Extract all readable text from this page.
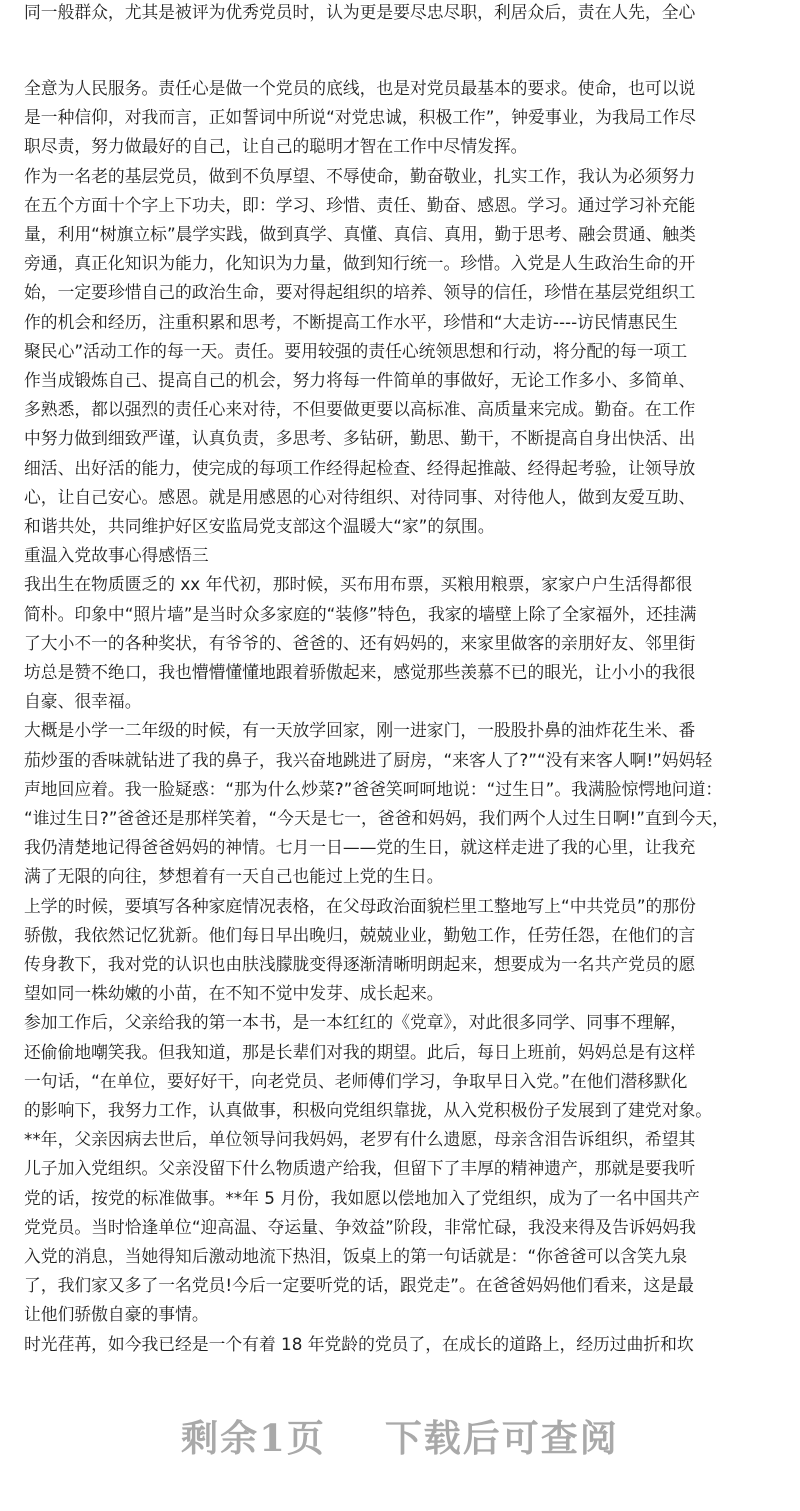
同一般群众，尤其是被评为优秀党员时，认为更是要尽忠尽职，利居众后，责在人先，全心
全意为人民服务。责任心是做一个党员的底线，也是对党员最基本的要求。使命，也可以说
是一种信仰，对我而言，正如誓词中所说“对党忠诚，积极工作”，钟爱事业，为我局工作尽
职尽责，努力做最好的自己，让自己的聪明才智在工作中尽情发挥。
作为一名老的基层党员，做到不负厚望、不辱使命，勤奋敬业，扎实工作，我认为必须努力
在五个方面十个字上下功夫，即：学习、珍惜、责任、勤奋、感恩。学习。通过学习补充能
量，利用“树旗立标”晨学实践，做到真学、真懂、真信、真用，勤于思考、融会贯通、触类
旁通，真正化知识为能力，化知识为力量，做到知行统一。珍惜。入党是人生政治生命的开
始，一定要珍惜自己的政治生命，要对得起组织的培养、领导的信任，珍惜在基层党组织工
作的机会和经历，注重积累和思考，不断提高工作水平，珍惜和“大走访----访民情惠民生
聚民心”活动工作的每一天。责任。要用较强的责任心统领思想和行动，将分配的每一项工
作当成锻炼自己、提高自己的机会，努力将每一件简单的事做好，无论工作多小、多简单、
多熟悉，都以强烈的责任心来对待，不但要做更要以高标准、高质量来完成。勤奋。在工作
中努力做到细致严谨，认真负责，多思考、多钻研，勤思、勤干，不断提高自身出快活、出
细活、出好活的能力，使完成的每项工作经得起检查、经得起推敲、经得起考验，让领导放
心，让自己安心。感恩。就是用感恩的心对待组织、对待同事、对待他人，做到友爱互助、
和谐共处，共同维护好区安监局党支部这个温暖大“家”的氛围。
重温入党故事心得感悟三
我出生在物质匮乏的 xx 年代初，那时候，买布用布票，买粮用粮票，家家户户生活得都很
简朴。印象中“照片墙”是当时众多家庭的“装修”特色，我家的墙壁上除了全家福外，还挂满
了大小不一的各种奖状，有爷爷的、爸爸的、还有妈妈的，来家里做客的亲朋好友、邻里街
坊总是赞不绝口，我也懵懵懂懂地跟着骄傲起来，感觉那些羡慕不已的眼光，让小小的我很
自豪、很幸福。
大概是小学一二年级的时候，有一天放学回家，刚一进家门，一股股扑鼻的油炸花生米、番
茄炒蛋的香味就钻进了我的鼻子，我兴奋地跳进了厨房，“来客人了?”“没有来客人啊!”妈妈轻
声地回应着。我一脸疑惑：“那为什么炒菜?”爸爸笑呵呵地说：“过生日”。我满脸惊愕地问道：
“谁过生日?”爸爸还是那样笑着，“今天是七一，爸爸和妈妈，我们两个人过生日啊!”直到今天，
我仍清楚地记得爸爸妈妈的神情。七月一日——党的生日，就这样走进了我的心里，让我充
满了无限的向往，梦想着有一天自己也能过上党的生日。
上学的时候，要填写各种家庭情况表格，在父母政治面貌栏里工整地写上“中共党员”的那份
骄傲，我依然记忆犹新。他们每日早出晚归，兢兢业业，勤勉工作，任劳任怨，在他们的言
传身教下，我对党的认识也由肤浅朦胧变得逐渐清晰明朗起来，想要成为一名共产党员的愿
望如同一株幼嫩的小苗，在不知不觉中发芽、成长起来。
参加工作后，父亲给我的第一本书，是一本红红的《党章》，对此很多同学、同事不理解，
还偷偷地嘲笑我。但我知道，那是长辈们对我的期望。此后，每日上班前，妈妈总是有这样
一句话，“在单位，要好好干，向老党员、老师傅们学习，争取早日入党。”在他们潜移默化
的影响下，我努力工作，认真做事，积极向党组织靠拢，从入党积极份子发展到了建党对象。
**年，父亲因病去世后，单位领导问我妈妈，老罗有什么遗愿，母亲含泪告诉组织，希望其
儿子加入党组织。父亲没留下什么物质遗产给我，但留下了丰厚的精神遗产，那就是要我听
党的话，按党的标准做事。**年 5 月份，我如愿以偿地加入了党组织，成为了一名中国共产
党党员。当时恰逢单位“迎高温、夺运量、争效益”阶段，非常忙碌，我没来得及告诉妈妈我
入党的消息，当她得知后激动地流下热泪，饭桌上的第一句话就是：“你爸爸可以含笑九泉
了，我们家又多了一名党员!今后一定要听党的话，跟党走”。在爸爸妈妈他们看来，这是最
让他们骄傲自豪的事情。
时光荏苒，如今我已经是一个有着 18 年党龄的党员了，在成长的道路上，经历过曲折和坎
剩余1页 下载后可查阅
